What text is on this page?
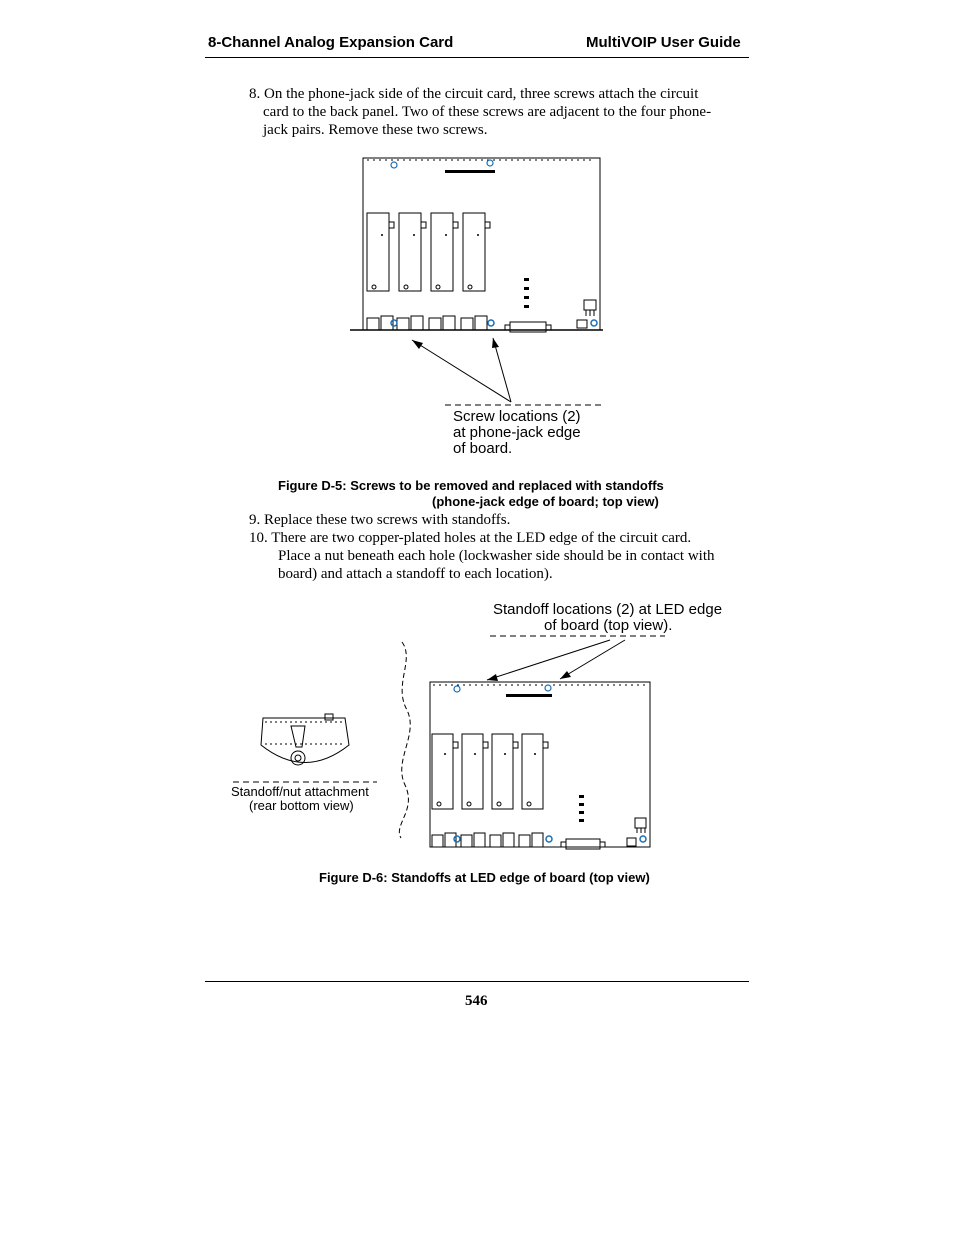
8-Channel Analog Expansion Card	MultiVOIP User Guide
8. On the phone-jack side of the circuit card, three screws attach the circuit
card to the back panel. Two of these screws are adjacent to the four phone-
jack pairs. Remove these two screws.
Screw locations (2)
at phone-jack edge
of board.
Figure D-5: Screws to be removed and replaced with standoffs
(phone-jack edge of board; top view)
9. Replace these two screws with standoffs.
10. There are two copper-plated holes at the LED edge of the circuit card.
Place a nut beneath each hole (lockwasher side should be in contact with
board) and attach a standoff to each location).
Standoff locations (2) at LED edge
of board (top view).
Standoff/nut attachment
(rear bottom view)
Figure D-6: Standoffs at LED edge of board (top view)
546
